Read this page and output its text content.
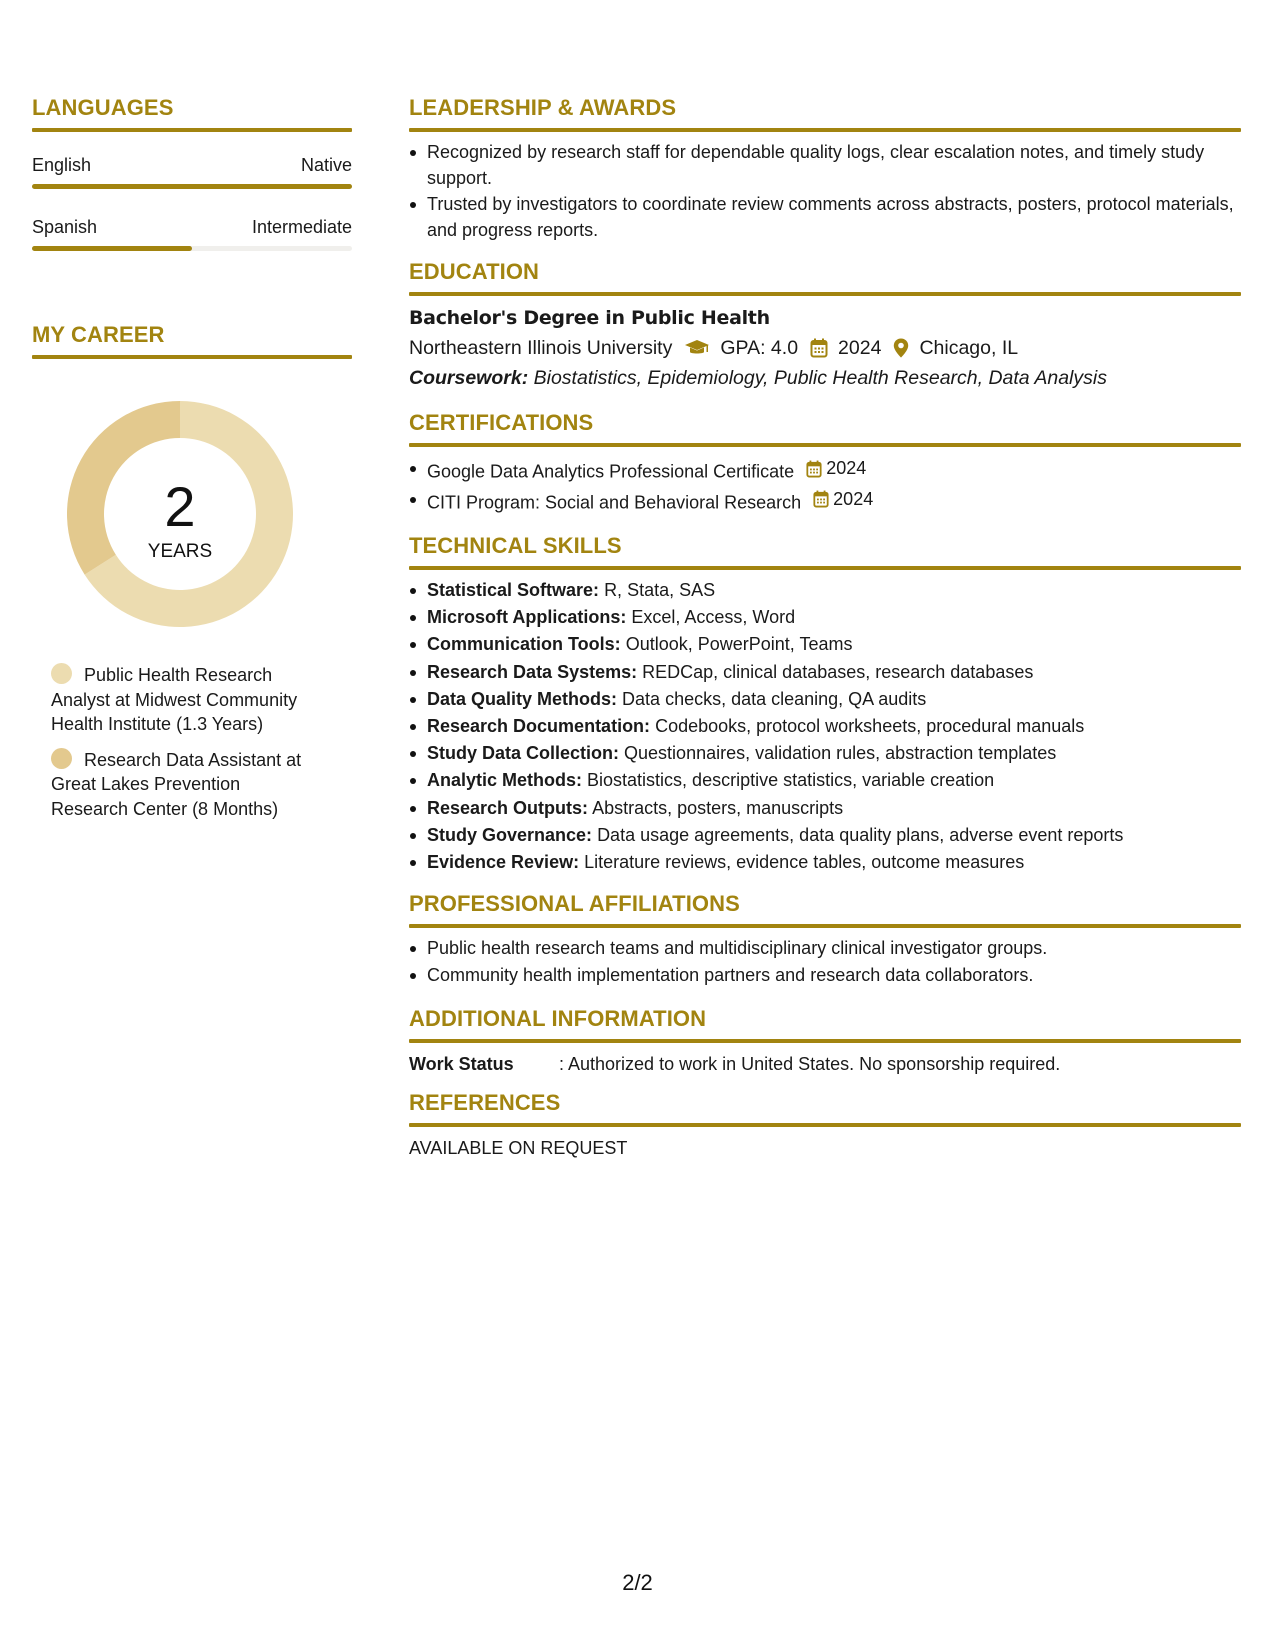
LANGUAGES
English	Native
Spanish	Intermediate
MY CAREER
2
YEARS
Public Health Research Analyst at Midwest Community Health Institute (1.3 Years)
Research Data Assistant at Great Lakes Prevention Research Center (8 Months)
LEADERSHIP & AWARDS
Recognized by research staff for dependable quality logs, clear escalation notes, and timely study support.
Trusted by investigators to coordinate review comments across abstracts, posters, protocol materials, and progress reports.
EDUCATION
Bachelor's Degree in Public Health
Northeastern Illinois University GPA: 4.0 2024 Chicago, IL
Coursework: Biostatistics, Epidemiology, Public Health Research, Data Analysis
CERTIFICATIONS
Google Data Analytics Professional Certificate 2024
CITI Program: Social and Behavioral Research 2024
TECHNICAL SKILLS
Statistical Software: R, Stata, SAS
Microsoft Applications: Excel, Access, Word
Communication Tools: Outlook, PowerPoint, Teams
Research Data Systems: REDCap, clinical databases, research databases
Data Quality Methods: Data checks, data cleaning, QA audits
Research Documentation: Codebooks, protocol worksheets, procedural manuals
Study Data Collection: Questionnaires, validation rules, abstraction templates
Analytic Methods: Biostatistics, descriptive statistics, variable creation
Research Outputs: Abstracts, posters, manuscripts
Study Governance: Data usage agreements, data quality plans, adverse event reports
Evidence Review: Literature reviews, evidence tables, outcome measures
PROFESSIONAL AFFILIATIONS
Public health research teams and multidisciplinary clinical investigator groups.
Community health implementation partners and research data collaborators.
ADDITIONAL INFORMATION
Work Status	: Authorized to work in United States. No sponsorship required.
REFERENCES
AVAILABLE ON REQUEST
2/2
